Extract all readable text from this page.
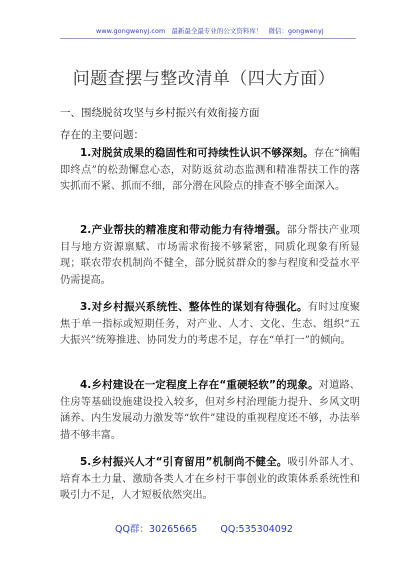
www.gongwenyj.com 最新最全最专业的公文资料库！ 微信：gongwenyj
问题查摆与整改清单（四大方面）
一、围绕脱贫攻坚与乡村振兴有效衔接方面
存在的主要问题：
1.对脱贫成果的稳固性和可持续性认识不够深刻。存在“摘帽即终点”的松劲懈怠心态，对防返贫动态监测和精准帮扶工作的落实抓而不紧、抓而不细，部分潜在风险点的排查不够全面深入。
2.产业帮扶的精准度和带动能力有待增强。部分帮扶产业项目与地方资源禀赋、市场需求衔接不够紧密，同质化现象有所显现；联农带农机制尚不健全，部分脱贫群众的参与程度和受益水平仍需提高。
3.对乡村振兴系统性、整体性的谋划有待强化。有时过度聚焦于单一指标或短期任务，对产业、人才、文化、生态、组织“五大振兴”统筹推进、协同发力的考虑不足，存在“单打一”的倾向。
4.乡村建设在一定程度上存在“重硬轻软”的现象。对道路、住房等基础设施建设投入较多，但对乡村治理能力提升、乡风文明涵养、内生发展动力激发等“软件”建设的重视程度还不够，办法举措不够丰富。
5.乡村振兴人才“引育留用”机制尚不健全。吸引外部人才、培育本土力量、激励各类人才在乡村干事创业的政策体系系统性和吸引力不足，人才短板依然突出。
QQ群：30265665 QQ:535304092
